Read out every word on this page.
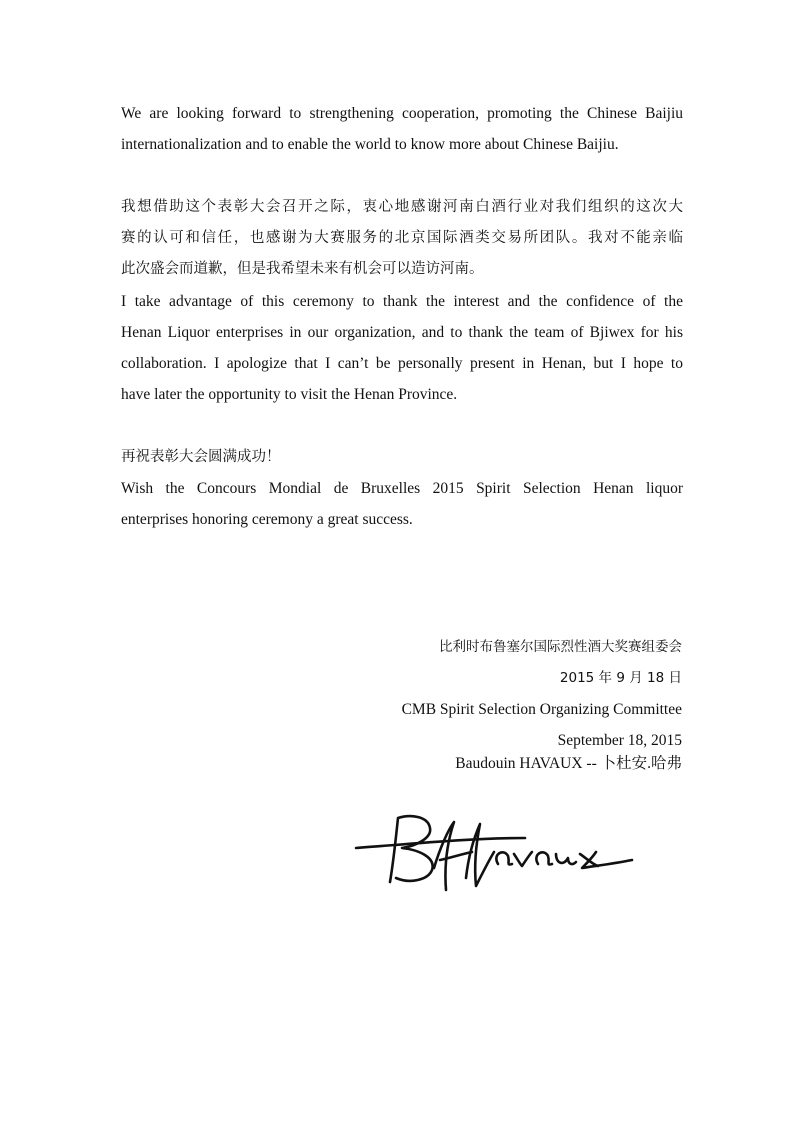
We are looking forward to strengthening cooperation, promoting the Chinese Baijiu
internationalization and to enable the world to know more about Chinese Baijiu.
我想借助这个表彰大会召开之际，衷心地感谢河南白酒行业对我们组织的这次大
赛的认可和信任，也感谢为大赛服务的北京国际酒类交易所团队。我对不能亲临
此次盛会而道歉，但是我希望未来有机会可以造访河南。
I take advantage of this ceremony to thank the interest and the confidence of the
Henan Liquor enterprises in our organization, and to thank the team of Bjiwex for his
collaboration. I apologize that I can’t be personally present in Henan, but I hope to
have later the opportunity to visit the Henan Province.
再祝表彰大会圆满成功！
Wish the Concours Mondial de Bruxelles 2015 Spirit Selection Henan liquor
enterprises honoring ceremony a great success.
比利时布鲁塞尔国际烈性酒大奖赛组委会
2015 年 9 月 18 日
CMB Spirit Selection Organizing Committee
September 18, 2015
Baudouin HAVAUX -- 卜杜安.哈弗
